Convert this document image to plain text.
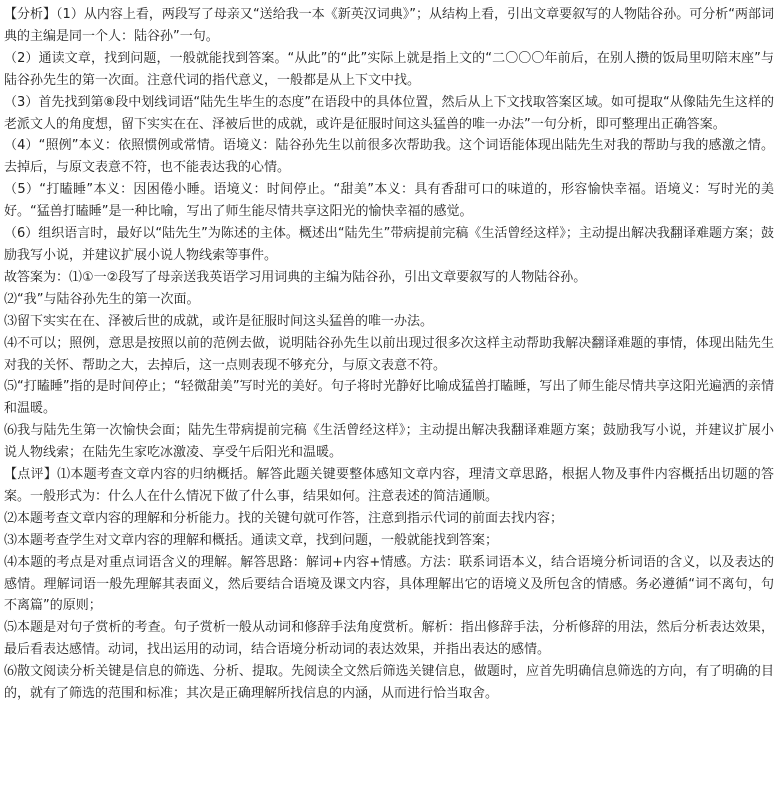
【分析】（1）从内容上看，两段写了母亲又“送给我一本《新英汉词典》”；从结构上看，引出文章要叙写的人物陆谷孙。可分析“两部词典的主编是同一个人：陆谷孙”一句。

（2）通读文章，找到问题，一般就能找到答案。“从此”的“此”实际上就是指上文的“二〇〇〇年前后，在别人攒的饭局里叨陪末座”与陆谷孙先生的第一次面。注意代词的指代意义，一般都是从上下文中找。

（3）首先找到第⑧段中划线词语“陆先生毕生的态度”在语段中的具体位置，然后从上下文找取答案区域。如可提取“从像陆先生这样的老派文人的角度想，留下实实在在、泽被后世的成就，或许是征服时间这头猛兽的唯一办法”一句分析，即可整理出正确答案。

（4）“照例”本义：依照惯例或常情。语境义：陆谷孙先生以前很多次帮助我。这个词语能体现出陆先生对我的帮助与我的感激之情。去掉后，与原文表意不符，也不能表达我的心情。

（5）“打瞌睡”本义：因困倦小睡。语境义：时间停止。“甜美”本义：具有香甜可口的味道的，形容愉快幸福。语境义：写时光的美好。“猛兽打瞌睡”是一种比喻，写出了师生能尽情共享这阳光的愉快幸福的感觉。

（6）组织语言时，最好以“陆先生”为陈述的主体。概述出“陆先生”带病提前完稿《生活曾经这样》；主动提出解决我翻译难题方案；鼓励我写小说，并建议扩展小说人物线索等事件。

故答案为：⑴①一②段写了母亲送我英语学习用词典的主编为陆谷孙，引出文章要叙写的人物陆谷孙。

⑵“我”与陆谷孙先生的第一次面。

⑶留下实实在在、泽被后世的成就，或许是征服时间这头猛兽的唯一办法。

⑷不可以；照例，意思是按照以前的范例去做，说明陆谷孙先生以前出现过很多次这样主动帮助我解决翻译难题的事情，体现出陆先生对我的关怀、帮助之大，去掉后，这一点则表现不够充分，与原文表意不符。

⑸“打瞌睡”指的是时间停止；“轻微甜美”写时光的美好。句子将时光静好比喻成猛兽打瞌睡，写出了师生能尽情共享这阳光遍洒的亲情和温暖。

⑹我与陆先生第一次愉快会面；陆先生带病提前完稿《生活曾经这样》；主动提出解决我翻译难题方案；鼓励我写小说，并建议扩展小说人物线索；在陆先生家吃冰激凌、享受午后阳光和温暖。

【点评】⑴本题考查文章内容的归纳概括。解答此题关键要整体感知文章内容，理清文章思路，根据人物及事件内容概括出切题的答案。一般形式为：什么人在什么情况下做了什么事，结果如何。注意表述的简洁通顺。

⑵本题考查文章内容的理解和分析能力。找的关键句就可作答，注意到指示代词的前面去找内容；

⑶本题考查学生对文章内容的理解和概括。通读文章，找到问题，一般就能找到答案；

⑷本题的考点是对重点词语含义的理解。解答思路：解词+内容+情感。方法：联系词语本义，结合语境分析词语的含义，以及表达的感情。理解词语一般先理解其表面义，然后要结合语境及课文内容，具体理解出它的语境义及所包含的情感。务必遵循“词不离句，句不离篇”的原则；

⑸本题是对句子赏析的考查。句子赏析一般从动词和修辞手法角度赏析。解析：指出修辞手法，分析修辞的用法，然后分析表达效果，最后看表达感情。动词，找出运用的动词，结合语境分析动词的表达效果，并指出表达的感情。

⑹散文阅读分析关键是信息的筛选、分析、提取。先阅读全文然后筛选关键信息，做题时，应首先明确信息筛选的方向，有了明确的目的，就有了筛选的范围和标准；其次是正确理解所找信息的内涵，从而进行恰当取舍。
